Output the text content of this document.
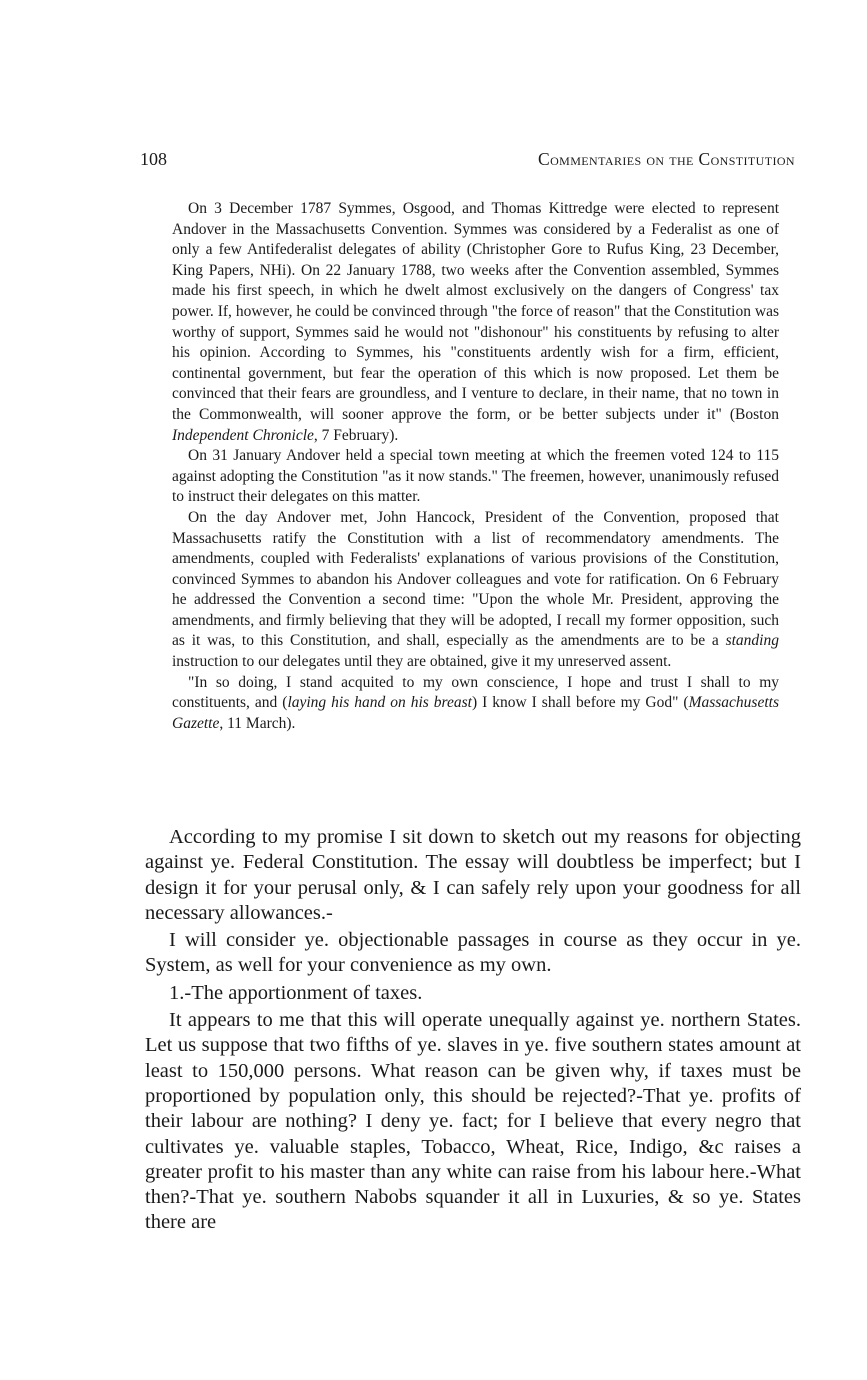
108	Commentaries on the Constitution

On 3 December 1787 Symmes, Osgood, and Thomas Kittredge were elected to represent Andover in the Massachusetts Convention. Symmes was considered by a Federalist as one of only a few Antifederalist delegates of ability (Christopher Gore to Rufus King, 23 December, King Papers, NHi). On 22 January 1788, two weeks after the Convention assembled, Symmes made his first speech, in which he dwelt almost exclusively on the dangers of Congress' tax power. If, however, he could be convinced through "the force of reason" that the Constitution was worthy of support, Symmes said he would not "dishonour" his constituents by refusing to alter his opinion. According to Symmes, his "constituents ardently wish for a firm, efficient, continental government, but fear the operation of this which is now proposed. Let them be convinced that their fears are groundless, and I venture to declare, in their name, that no town in the Commonwealth, will sooner approve the form, or be better subjects under it" (Boston Independent Chronicle, 7 February).

On 31 January Andover held a special town meeting at which the freemen voted 124 to 115 against adopting the Constitution "as it now stands." The freemen, however, unanimously refused to instruct their delegates on this matter.

On the day Andover met, John Hancock, President of the Convention, proposed that Massachusetts ratify the Constitution with a list of recommendatory amendments. The amendments, coupled with Federalists' explanations of various provisions of the Constitution, convinced Symmes to abandon his Andover colleagues and vote for ratification. On 6 February he addressed the Convention a second time: "Upon the whole Mr. President, approving the amendments, and firmly believing that they will be adopted, I recall my former opposition, such as it was, to this Constitution, and shall, especially as the amendments are to be a standing instruction to our delegates until they are obtained, give it my unreserved assent.

"In so doing, I stand acquited to my own conscience, I hope and trust I shall to my constituents, and (laying his hand on his breast) I know I shall before my God" (Massachusetts Gazette, 11 March).

According to my promise I sit down to sketch out my reasons for objecting against ye. Federal Constitution. The essay will doubtless be imperfect; but I design it for your perusal only, & I can safely rely upon your goodness for all necessary allowances.-

I will consider ye. objectionable passages in course as they occur in ye. System, as well for your convenience as my own.

1.-The apportionment of taxes.

It appears to me that this will operate unequally against ye. northern States. Let us suppose that two fifths of ye. slaves in ye. five southern states amount at least to 150,000 persons. What reason can be given why, if taxes must be proportioned by population only, this should be rejected?-That ye. profits of their labour are nothing? I deny ye. fact; for I believe that every negro that cultivates ye. valuable staples, Tobacco, Wheat, Rice, Indigo, &c raises a greater profit to his master than any white can raise from his labour here.-What then?-That ye. southern Nabobs squander it all in Luxuries, & so ye. States there are
